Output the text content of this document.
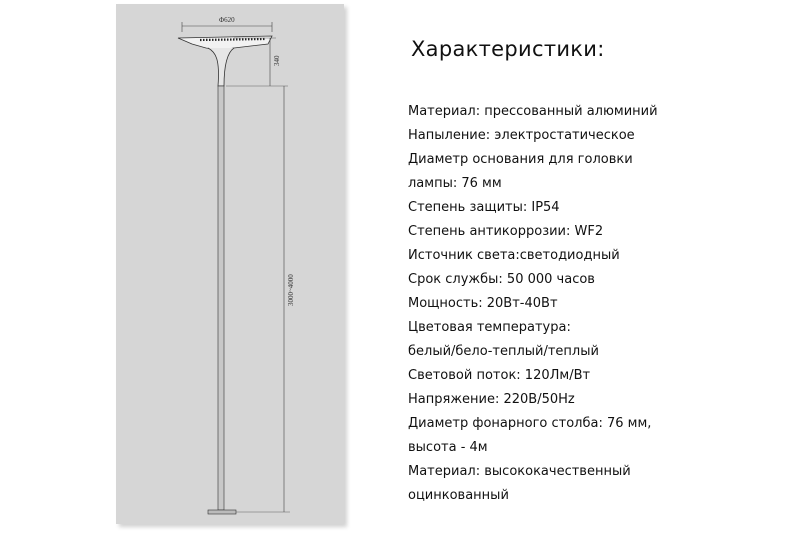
Φ620
340
3000~4000
Характеристики:
Материал: прессованный алюминий
Напыление: электростатическое
Диаметр основания для головки
лампы: 76 мм
Степень защиты: IP54
Степень антикоррозии: WF2
Источник света:светодиодный
Срок службы: 50 000 часов
Мощность: 20Вт-40Вт
Цветовая температура:
белый/бело-теплый/теплый
Световой поток: 120Лм/Вт
Напряжение: 220В/50Hz
Диаметр фонарного столба: 76 мм,
высота - 4м
Материал: высококачественный
оцинкованный
